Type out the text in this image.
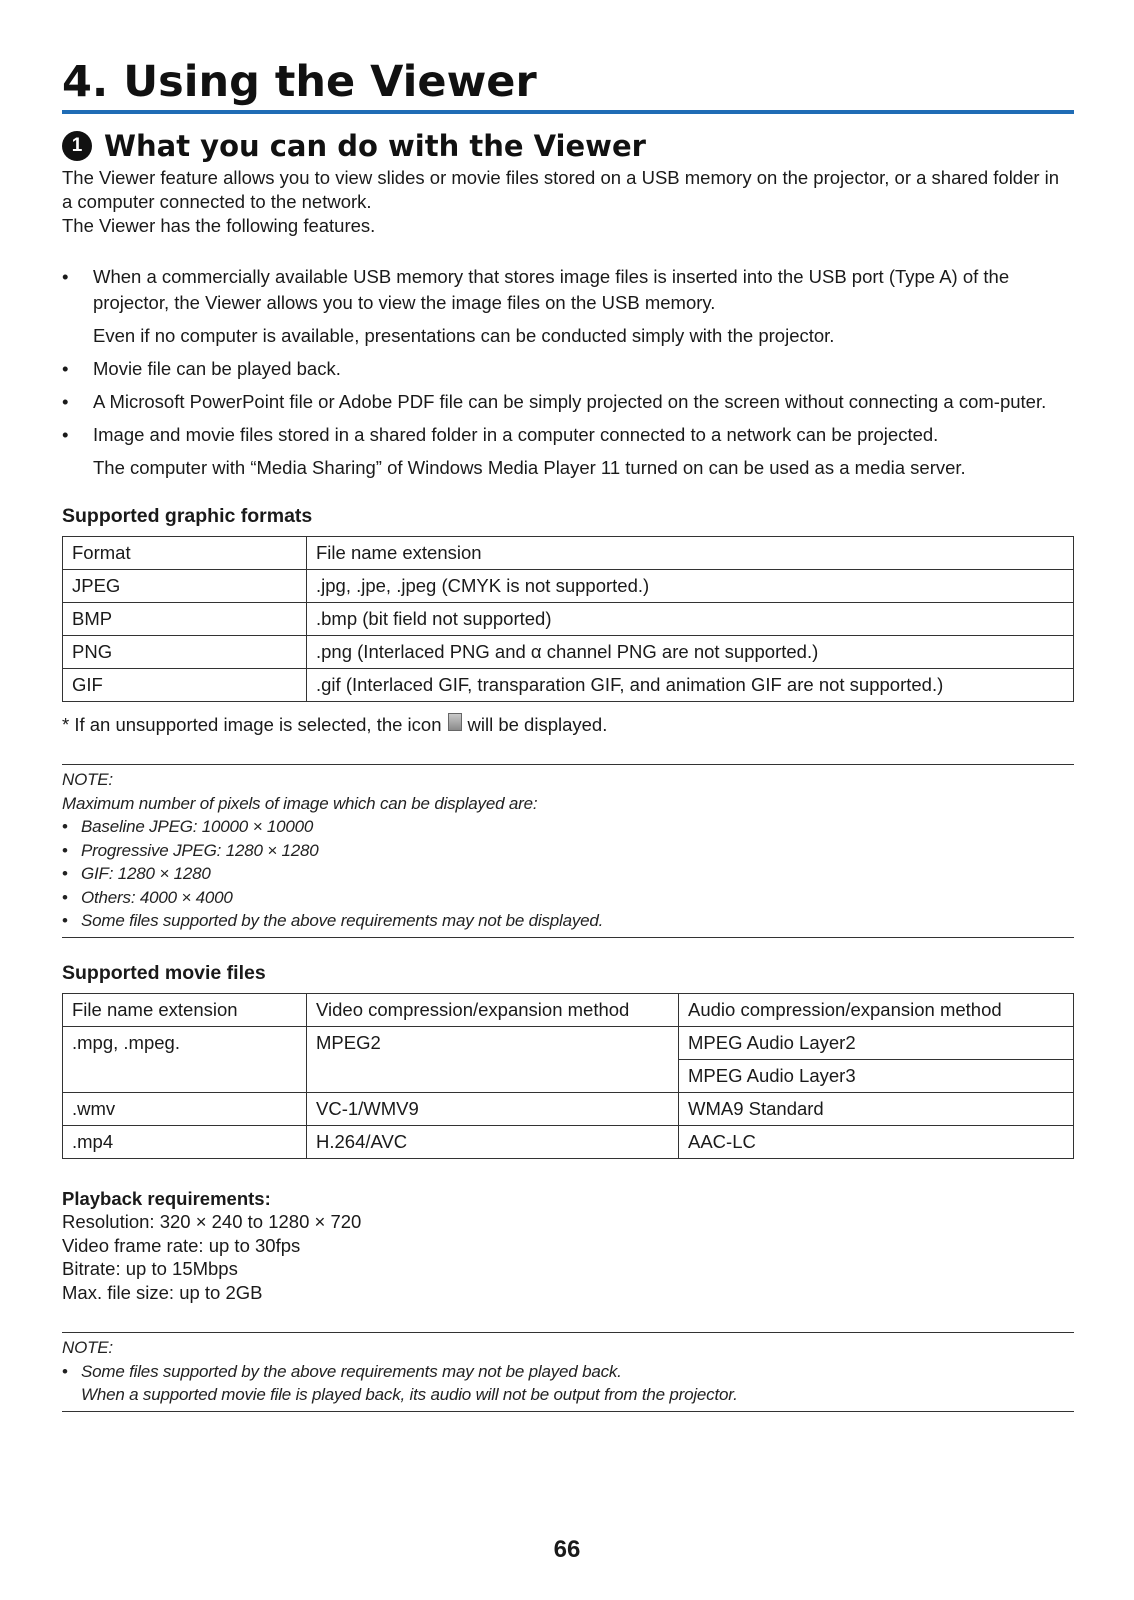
4. Using the Viewer
1 What you can do with the Viewer

The Viewer feature allows you to view slides or movie files stored on a USB memory on the projector, or a shared folder in a computer connected to the network.

The Viewer has the following features.

• When a commercially available USB memory that stores image files is inserted into the USB port (Type A) of the projector, the Viewer allows you to view the image files on the USB memory.

Even if no computer is available, presentations can be conducted simply with the projector.

• Movie file can be played back.

• A Microsoft PowerPoint file or Adobe PDF file can be simply projected on the screen without connecting a com-puter.

• Image and movie files stored in a shared folder in a computer connected to a network can be projected.

The computer with “Media Sharing” of Windows Media Player 11 turned on can be used as a media server.

Supported graphic formats
Format	File name extension
JPEG	.jpg, .jpe, .jpeg (CMYK is not supported.)
BMP	.bmp (bit field not supported)
PNG	.png (Interlaced PNG and α channel PNG are not supported.)
GIF	.gif (Interlaced GIF, transparation GIF, and animation GIF are not supported.)
* If an unsupported image is selected, the icon will be displayed.
NOTE:
Maximum number of pixels of image which can be displayed are:
• Baseline JPEG: 10000 × 10000
• Progressive JPEG: 1280 × 1280
• GIF: 1280 × 1280
• Others: 4000 × 4000
• Some files supported by the above requirements may not be displayed.
Supported movie files
File name extension	Video compression/expansion method	Audio compression/expansion method
.mpg, .mpeg.	MPEG2	MPEG Audio Layer2
		MPEG Audio Layer3
.wmv	VC-1/WMV9	WMA9 Standard
.mp4	H.264/AVC	AAC-LC
Playback requirements:
Resolution: 320 × 240 to 1280 × 720
Video frame rate: up to 30fps
Bitrate: up to 15Mbps
Max. file size: up to 2GB
NOTE:
• Some files supported by the above requirements may not be played back.
When a supported movie file is played back, its audio will not be output from the projector.
66
